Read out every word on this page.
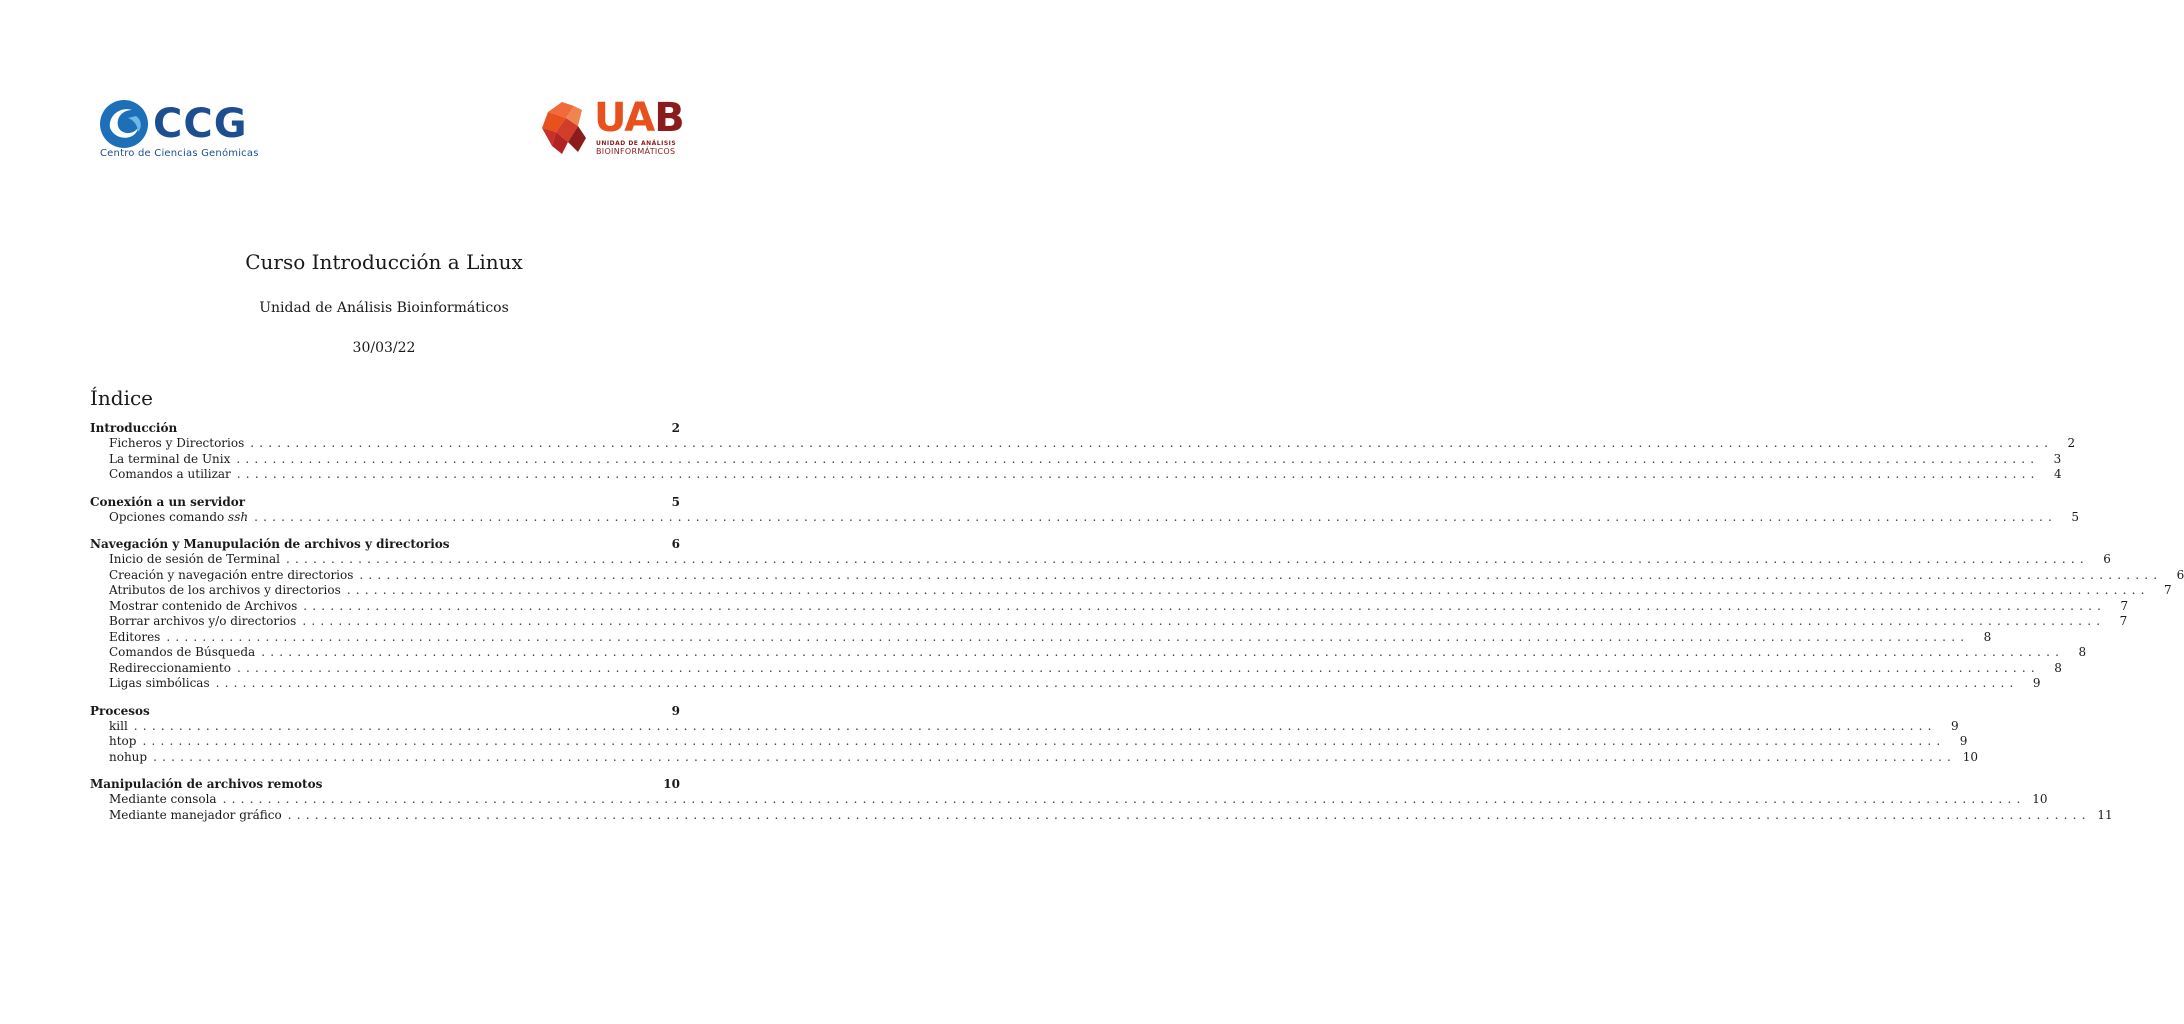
CCG
Centro de Ciencias Genómicas
UAB
UNIDAD DE ANÁLISIS
BIOINFORMÁTICOS
Curso Introducción a Linux
Unidad de Análisis Bioinformáticos
30/03/22
Índice
Introducción	2
Ficheros y Directorios ........................................................................................................................................................................................................	2
La terminal de Unix ........................................................................................................................................................................................................	3
Comandos a utilizar ........................................................................................................................................................................................................	4
Conexión a un servidor	5
Opciones comando ssh ........................................................................................................................................................................................................	5
Navegación y Manupulación de archivos y directorios	6
Inicio de sesión de Terminal ........................................................................................................................................................................................................	6
Creación y navegación entre directorios ........................................................................................................................................................................................................	6
Atributos de los archivos y directorios ........................................................................................................................................................................................................	7
Mostrar contenido de Archivos ........................................................................................................................................................................................................	7
Borrar archivos y/o directorios ........................................................................................................................................................................................................	7
Editores ........................................................................................................................................................................................................	8
Comandos de Búsqueda ........................................................................................................................................................................................................	8
Redireccionamiento ........................................................................................................................................................................................................	8
Ligas simbólicas ........................................................................................................................................................................................................	9
Procesos	9
kill ........................................................................................................................................................................................................	9
htop ........................................................................................................................................................................................................	9
nohup ........................................................................................................................................................................................................ 10
Manipulación de archivos remotos	10
Mediante consola ........................................................................................................................................................................................................ 10
Mediante manejador gráfico ........................................................................................................................................................................................................ 11
